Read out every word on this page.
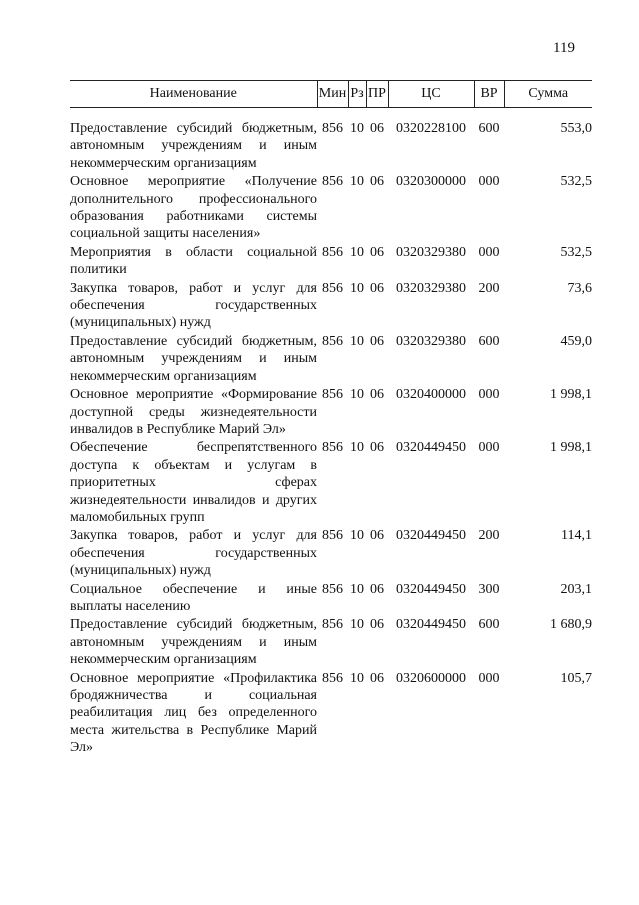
119
Наименование	Мин	Рз	ПР	ЦС	ВР	Сумма

Предоставление субсидий бюджетным, автономным учреждениям и иным некоммерческим организациям	856	10	06	0320228100	600	553,0
Основное мероприятие «Получение дополнительного профессионального образования работниками системы социальной защиты населения»	856	10	06	0320300000	000	532,5
Мероприятия в области социальной политики	856	10	06	0320329380	000	532,5
Закупка товаров, работ и услуг для обеспечения государственных (муниципальных) нужд	856	10	06	0320329380	200	73,6
Предоставление субсидий бюджетным, автономным учреждениям и иным некоммерческим организациям	856	10	06	0320329380	600	459,0
Основное мероприятие «Формирование доступной среды жизнедеятельности инвалидов в Республике Марий Эл»	856	10	06	0320400000	000	1 998,1
Обеспечение беспрепятственного доступа к объектам и услугам в приоритетных сферах жизнедеятельности инвалидов и других маломобильных групп	856	10	06	0320449450	000	1 998,1
Закупка товаров, работ и услуг для обеспечения государственных (муниципальных) нужд	856	10	06	0320449450	200	114,1
Социальное обеспечение и иные выплаты населению	856	10	06	0320449450	300	203,1
Предоставление субсидий бюджетным, автономным учреждениям и иным некоммерческим организациям	856	10	06	0320449450	600	1 680,9
Основное мероприятие «Профилактика бродяжничества и социальная реабилитация лиц без определенного места жительства в Республике Марий Эл»	856	10	06	0320600000	000	105,7
